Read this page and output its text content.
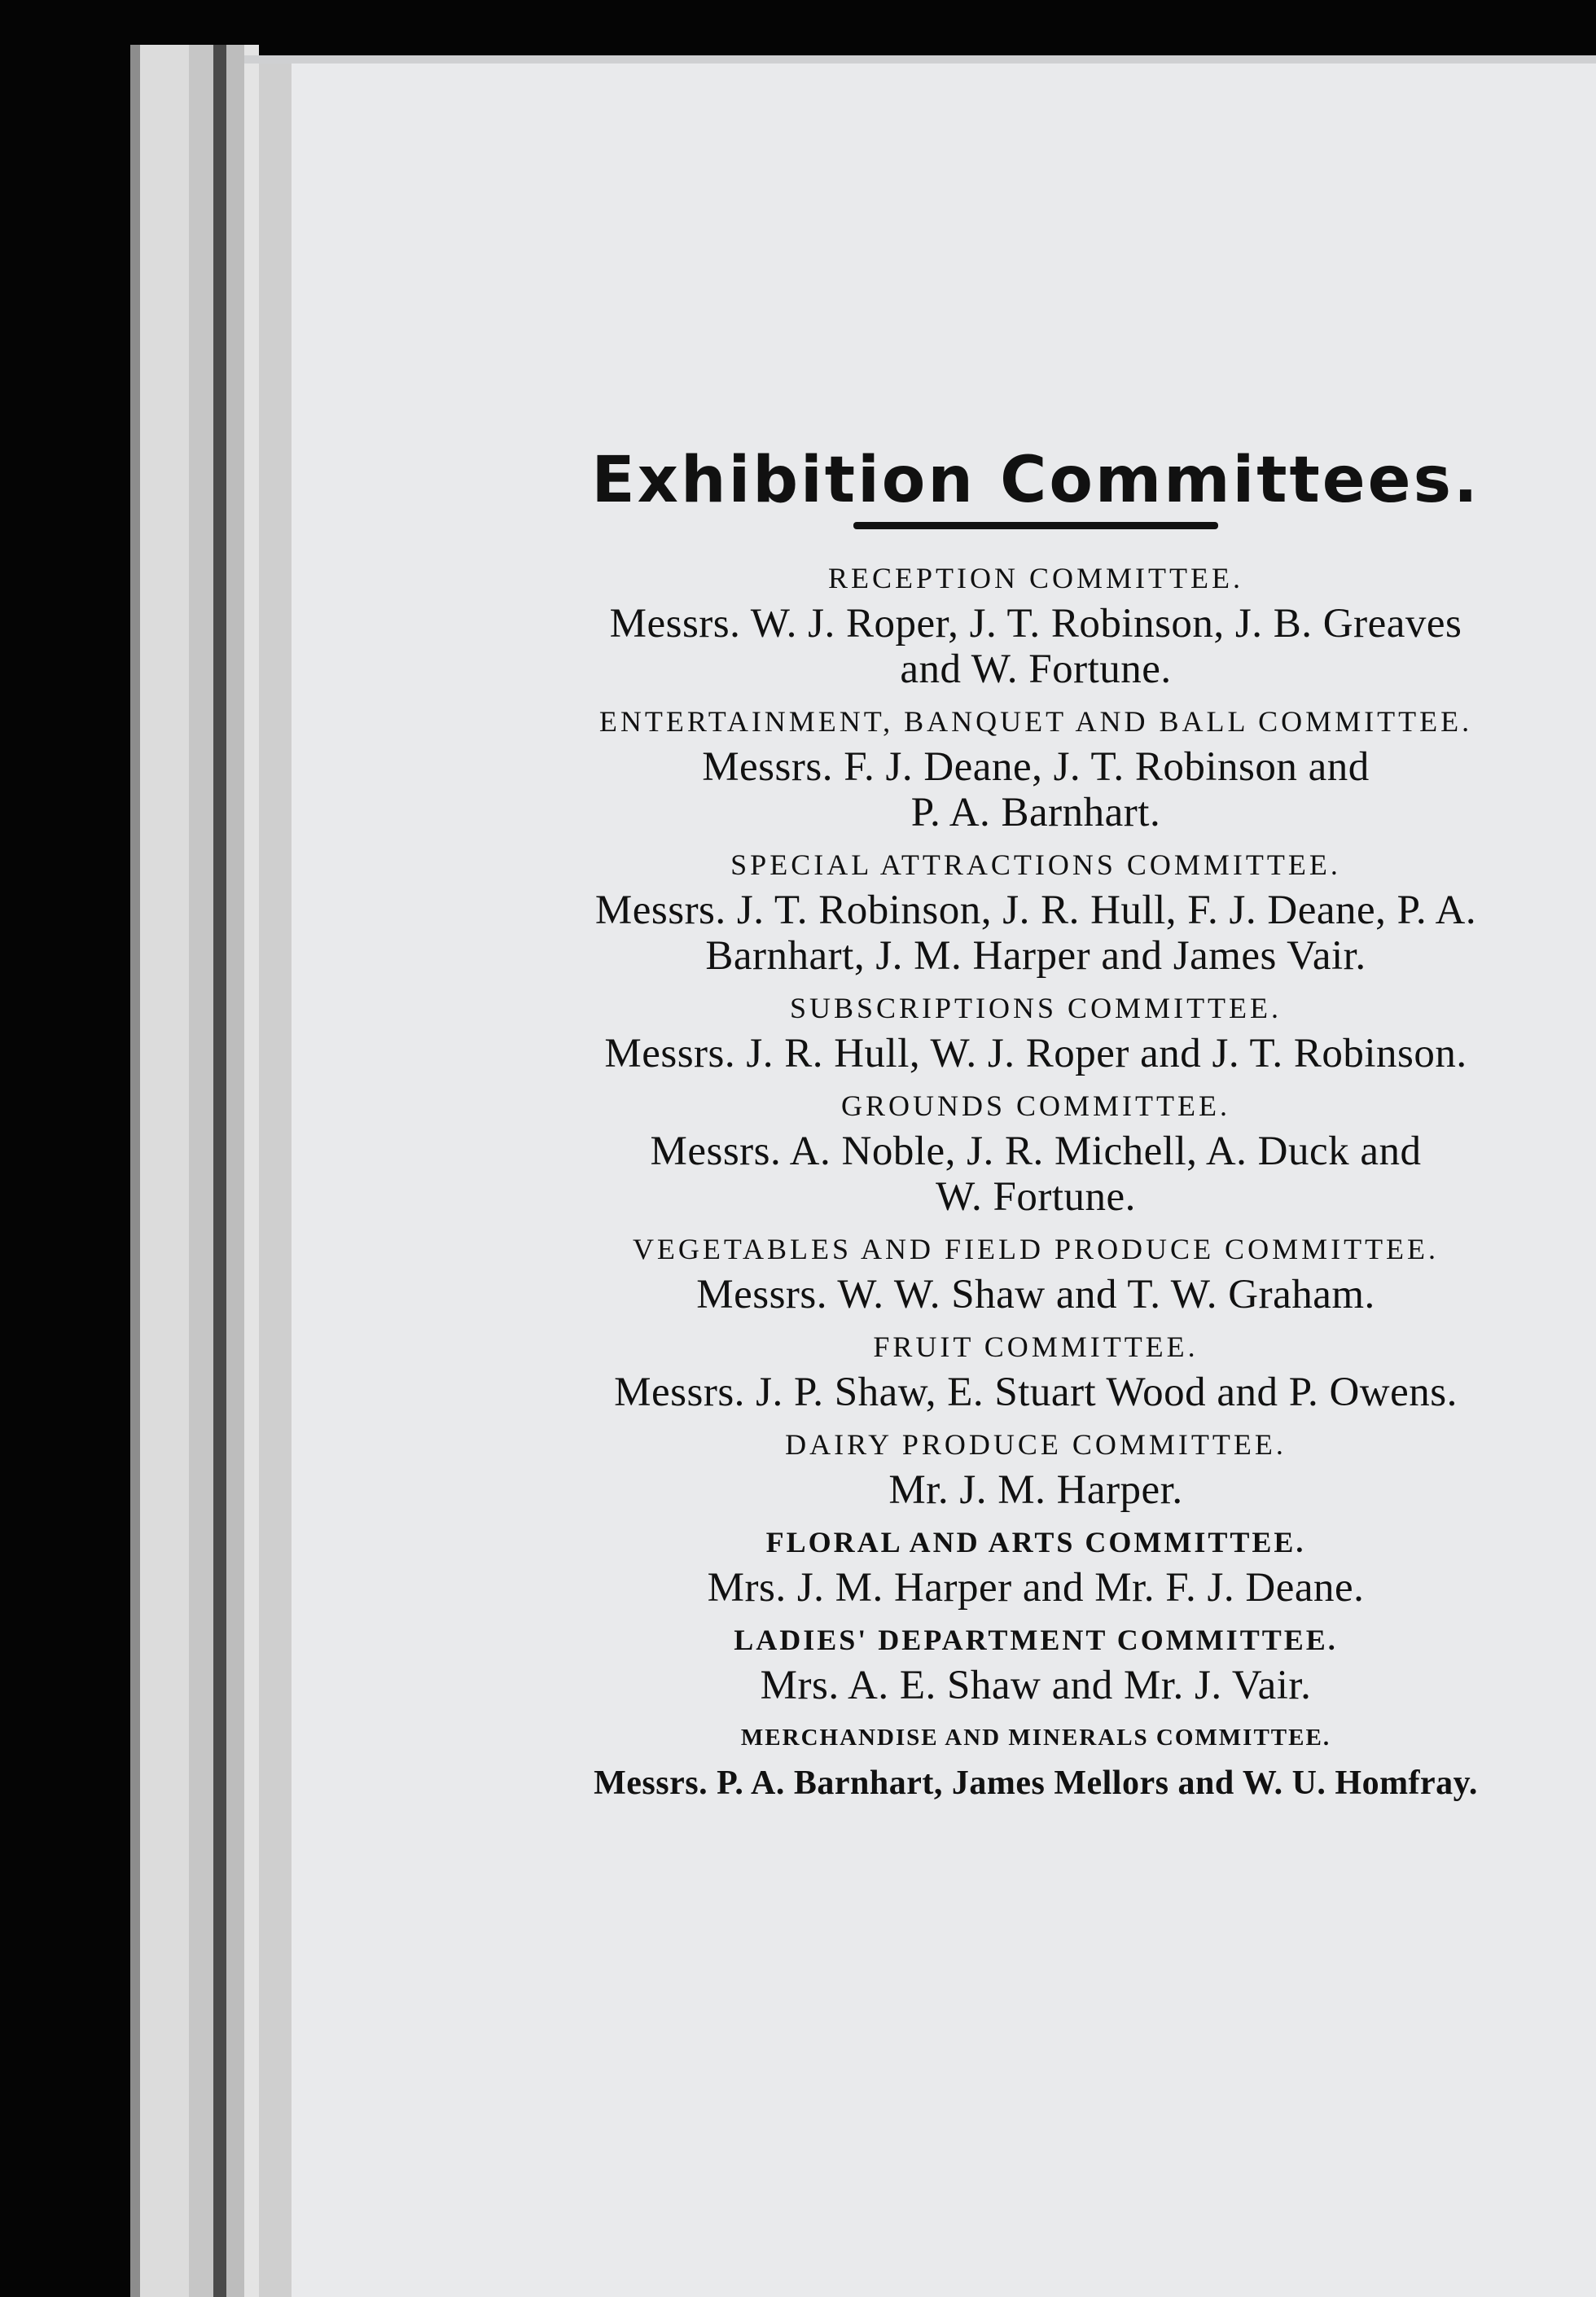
Exhibition Committees.

RECEPTION COMMITTEE.

Messrs. W. J. Roper, J. T. Robinson, J. B. Greaves
and W. Fortune.

ENTERTAINMENT, BANQUET AND BALL COMMITTEE.

Messrs. F. J. Deane, J. T. Robinson and
P. A. Barnhart.

SPECIAL ATTRACTIONS COMMITTEE.

Messrs. J. T. Robinson, J. R. Hull, F. J. Deane, P. A.
Barnhart, J. M. Harper and James Vair.

SUBSCRIPTIONS COMMITTEE.

Messrs. J. R. Hull, W. J. Roper and J. T. Robinson.

GROUNDS COMMITTEE.

Messrs. A. Noble, J. R. Michell, A. Duck and
W. Fortune.

VEGETABLES AND FIELD PRODUCE COMMITTEE.

Messrs. W. W. Shaw and T. W. Graham.

FRUIT COMMITTEE.

Messrs. J. P. Shaw, E. Stuart Wood and P. Owens.

DAIRY PRODUCE COMMITTEE.

Mr. J. M. Harper.

FLORAL AND ARTS COMMITTEE.

Mrs. J. M. Harper and Mr. F. J. Deane.

LADIES' DEPARTMENT COMMITTEE.

Mrs. A. E. Shaw and Mr. J. Vair.

MERCHANDISE AND MINERALS COMMITTEE.

Messrs. P. A. Barnhart, James Mellors and W. U. Homfray.
